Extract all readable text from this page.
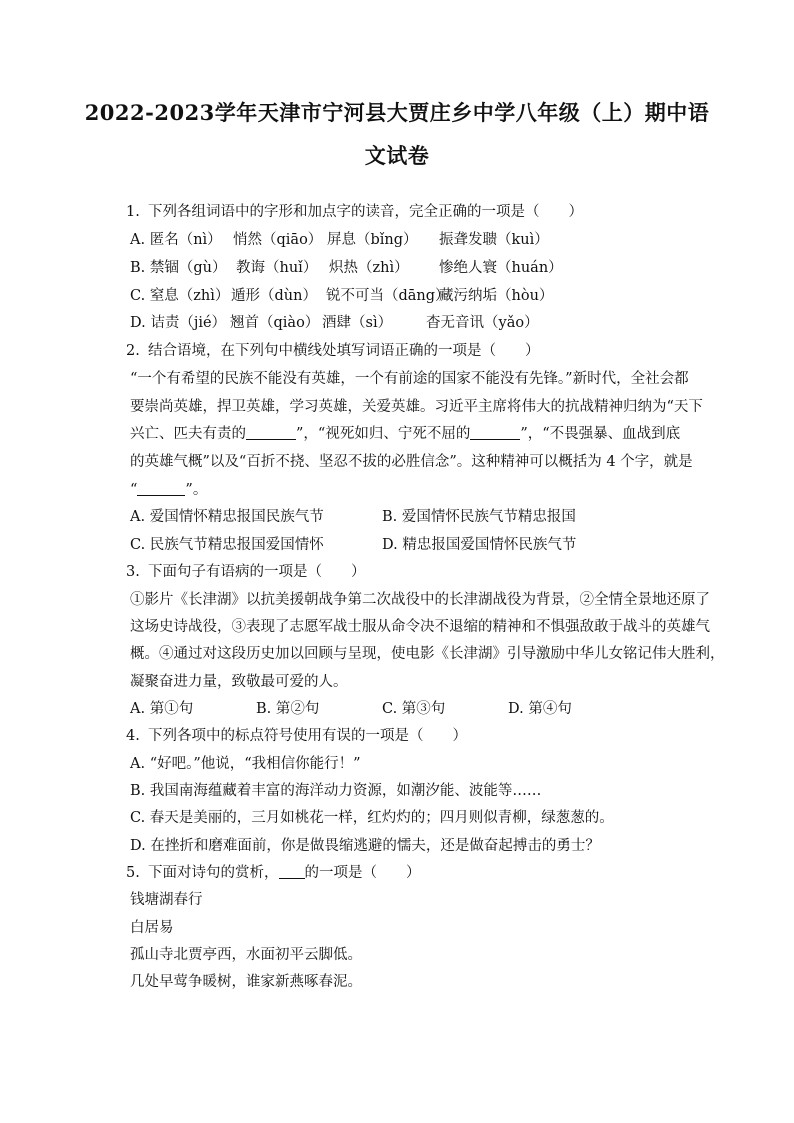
2022-2023学年天津市宁河县大贾庄乡中学八年级（上）期中语
文试卷
1. 下列各组词语中的字形和加点字的读音，完全正确的一项是（　　）
A. 匿名（nì） 悄然（qiāo） 屏息（bǐng） 振聋发聩（kuì）
B. 禁锢（gù） 教诲（huǐ） 炽热（zhì） 惨绝人寰（huán）
C. 窒息（zhì） 遁形（dùn） 锐不可当（dāng）
藏污纳垢（hòu）
D. 诘责（jié） 翘首（qiào） 酒肆（sì） 杳无音讯（yǎo）
2. 结合语境，在下列句中横线处填写词语正确的一项是（　　）
“一个有希望的民族不能没有英雄，一个有前途的国家不能没有先锋。”新时代，全社会都
要崇尚英雄，捍卫英雄，学习英雄，关爱英雄。习近平主席将伟大的抗战精神归纳为“天下
兴亡、匹夫有责的	”，“视死如归、宁死不屈的	”，“不畏强暴、血战到底
的英雄气概”以及“百折不挠、坚忍不拔的必胜信念”。这种精神可以概括为 4 个字，就是
“	”。
A. 爱国情怀精忠报国民族气节	B. 爱国情怀民族气节精忠报国
C. 民族气节精忠报国爱国情怀	D. 精忠报国爱国情怀民族气节
3. 下面句子有语病的一项是（　　）
①影片《长津湖》以抗美援朝战争第二次战役中的长津湖战役为背景，②全情全景地还原了
这场史诗战役，③表现了志愿军战士服从命令决不退缩的精神和不惧强敌敢于战斗的英雄气
概。④通过对这段历史加以回顾与呈现，使电影《长津湖》引导激励中华儿女铭记伟大胜利，
凝聚奋进力量，致敬最可爱的人。
A. 第①句	B. 第②句	C. 第③句	D. 第④句
4. 下列各项中的标点符号使用有误的一项是（　　）
A. “好吧。”他说，“我相信你能行！”
B. 我国南海蕴藏着丰富的海洋动力资源，如潮汐能、波能等……
C. 春天是美丽的，三月如桃花一样，红灼灼的；四月则似青柳，绿葱葱的。
D. 在挫折和磨难面前，你是做畏缩逃避的懦夫，还是做奋起搏击的勇士？
5. 下面对诗句的赏析， 的一项是（　　）
钱塘湖春行
白居易
孤山寺北贾亭西，水面初平云脚低。
几处早莺争暖树，谁家新燕啄春泥。
